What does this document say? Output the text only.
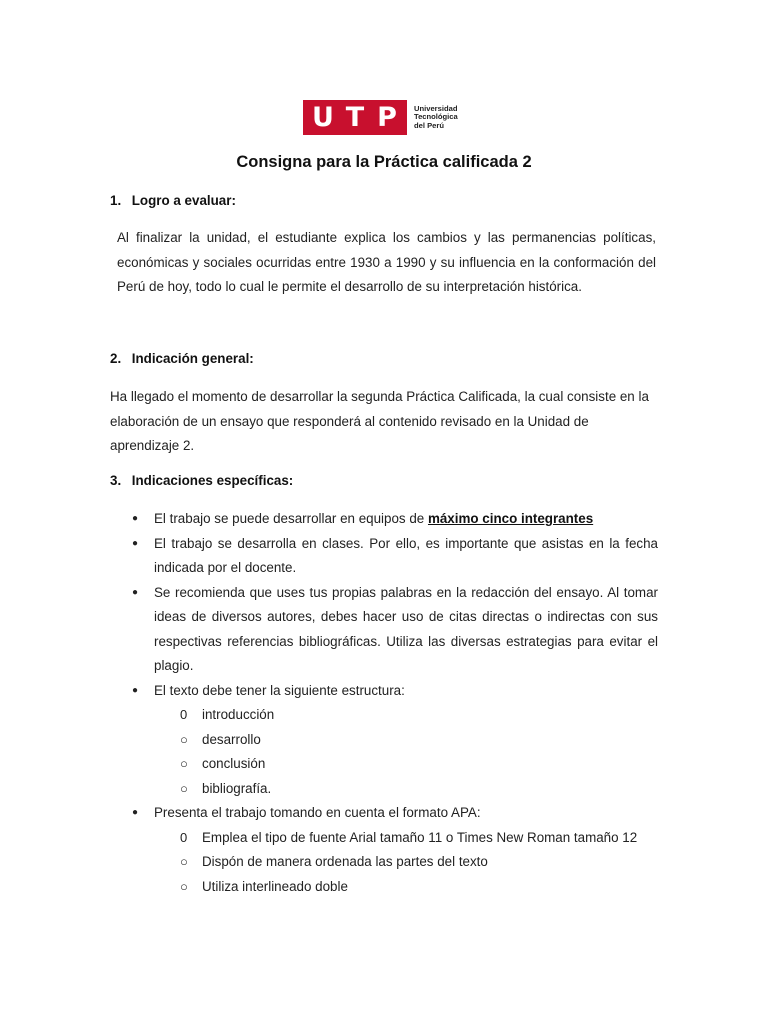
U T P	Universidad
Tecnológica
del Perú
Consigna para la Práctica calificada 2
1. Logro a evaluar:
Al finalizar la unidad, el estudiante explica los cambios y las permanencias políticas, económicas y sociales ocurridas entre 1930 a 1990 y su influencia en la conformación del Perú de hoy, todo lo cual le permite el desarrollo de su interpretación histórica.
2. Indicación general:
Ha llegado el momento de desarrollar la segunda Práctica Calificada, la cual consiste en la elaboración de un ensayo que responderá al contenido revisado en la Unidad de aprendizaje 2.
3. Indicaciones específicas:
●	El trabajo se puede desarrollar en equipos de máximo cinco integrantes
●	El trabajo se desarrolla en clases. Por ello, es importante que asistas en la fecha indicada por el docente.
●	Se recomienda que uses tus propias palabras en la redacción del ensayo. Al tomar ideas de diversos autores, debes hacer uso de citas directas o indirectas con sus respectivas referencias bibliográficas. Utiliza las diversas estrategias para evitar el plagio.
●	El texto debe tener la siguiente estructura:
0	introducción
○	desarrollo
○	conclusión
○	bibliografía.
●	Presenta el trabajo tomando en cuenta el formato APA:
0	Emplea el tipo de fuente Arial tamaño 11 o Times New Roman tamaño 12
○	Dispón de manera ordenada las partes del texto
○	Utiliza interlineado doble
